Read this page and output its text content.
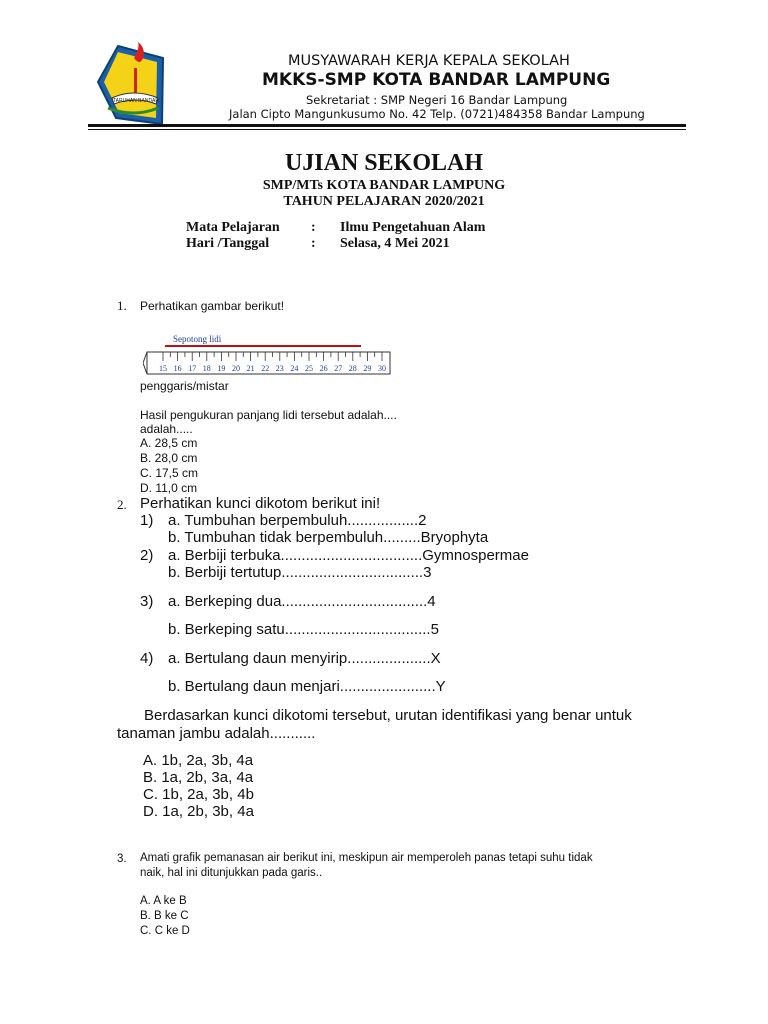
TARUHAN BANDAR
MUSYAWARAH KERJA KEPALA SEKOLAH
MKKS-SMP KOTA BANDAR LAMPUNG
Sekretariat : SMP Negeri 16 Bandar Lampung
Jalan Cipto Mangunkusumo No. 42 Telp. (0721)484358 Bandar Lampung
UJIAN SEKOLAH
SMP/MTs KOTA BANDAR LAMPUNG
TAHUN PELAJARAN 2020/2021
Mata Pelajaran : Ilmu Pengetahuan Alam
Hari /Tanggal	: Selasa, 4 Mei 2021
1. Perhatikan gambar berikut!
Sepotong lidi
15 16 17 18 19 20 21 22 23 24 25 26 27 28 29 30
penggaris/mistar
Hasil pengukuran panjang lidi tersebut adalah....
adalah.....
A. 28,5 cm
B. 28,0 cm
C. 17,5 cm
D. 11,0 cm
2. Perhatikan kunci dikotom berikut ini!
1) a. Tumbuhan berpembuluh.................2
b. Tumbuhan tidak berpembuluh.........Bryophyta
2) a. Berbiji terbuka..................................Gymnospermae
b. Berbiji tertutup..................................3
3) a. Berkeping dua...................................4
b. Berkeping satu...................................5
4) a. Bertulang daun menyirip....................X
b. Bertulang daun menjari.......................Y
Berdasarkan kunci dikotomi tersebut, urutan identifikasi yang benar untuk
tanaman jambu adalah...........
A. 1b, 2a, 3b, 4a
B. 1a, 2b, 3a, 4a
C. 1b, 2a, 3b, 4b
D. 1a, 2b, 3b, 4a
3. Amati grafik pemanasan air berikut ini, meskipun air memperoleh panas tetapi suhu tidak
naik, hal ini ditunjukkan pada garis..
A. A ke B
B. B ke C
C. C ke D
